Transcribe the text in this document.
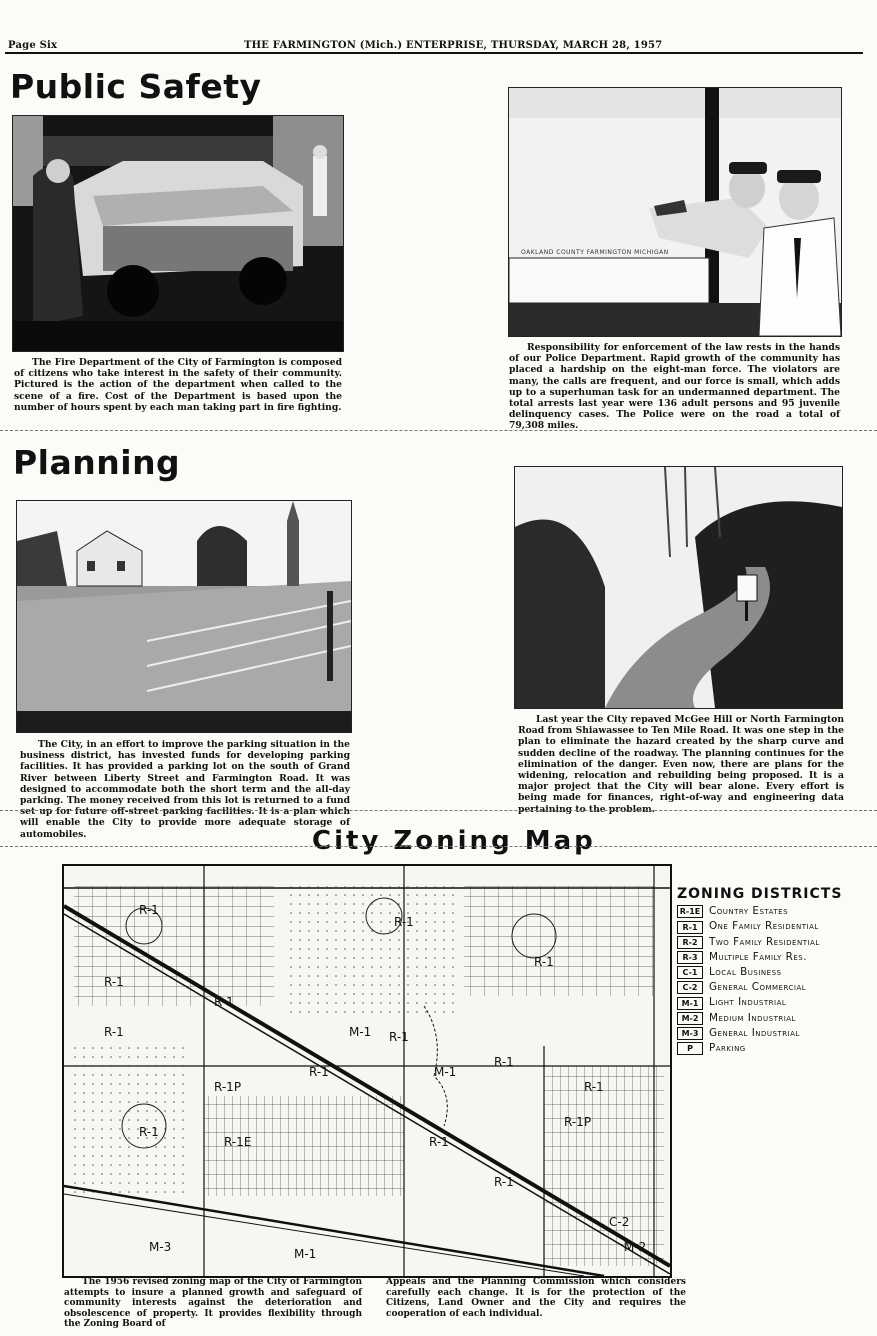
Page Six	THE FARMINGTON (Mich.) ENTERPRISE, THURSDAY, MARCH 28, 1957
Public Safety
The Fire Department of the City of Farmington is composed of citizens who take interest in the safety of their community. Pictured is the action of the department when called to the scene of a fire. Cost of the Department is based upon the number of hours spent by each man taking part in fire fighting.
OAKLAND COUNTY FARMINGTON MICHIGAN
Responsibility for enforcement of the law rests in the hands of our Police Department. Rapid growth of the community has placed a hardship on the eight-man force. The violators are many, the calls are frequent, and our force is small, which adds up to a superhuman task for an undermanned department. The total arrests last year were 136 adult persons and 95 juvenile delinquency cases. The Police were on the road a total of 79,308 miles.
Planning
The City, in an effort to improve the parking situation in the business district, has invested funds for developing parking facilities. It has provided a parking lot on the south of Grand River between Liberty Street and Farmington Road. It was designed to accommodate both the short term and the all-day parking. The money received from this lot is returned to a fund set up for future off-street parking facilities. It is a plan which will enable the City to provide more adequate storage of automobiles.
Last year the City repaved McGee Hill or North Farmington Road from Shiawassee to Ten Mile Road. It was one step in the plan to eliminate the hazard created by the sharp curve and sudden decline of the roadway. The planning continues for the elimination of the danger. Even now, there are plans for the widening, relocation and rebuilding being proposed. It is a major project that the City will bear alone. Every effort is being made for finances, right-of-way and engineering data pertaining to the problem.
City Zoning Map
R-1
R-1
R-1
R-1
R-1
R-1
R-1
R-1
R-1
R-1E
R-1
M-1
M-1
M-2
M-3	M-1
R-1P
R-1P
C-2
R-1
R-1
R-1
ZONING DISTRICTS
R-1E Country Estates
R-1	One Family Residential
R-2	Two Family Residential
R-3	Multiple Family Res.
C-1	Local Business
C-2	General Commercial
M-1	Light Industrial
M-2	Medium Industrial
M-3	General Industrial
P	Parking
The 1956 revised zoning map of the City of Farmington attempts to insure a planned growth and safeguard of community interests against the deterioration and obsolescence of property. It provides flexibility through the Zoning Board of
Appeals and the Planning Commission which considers carefully each change. It is for the protection of the Citizens, Land Owner and the City and requires the cooperation of each individual.
